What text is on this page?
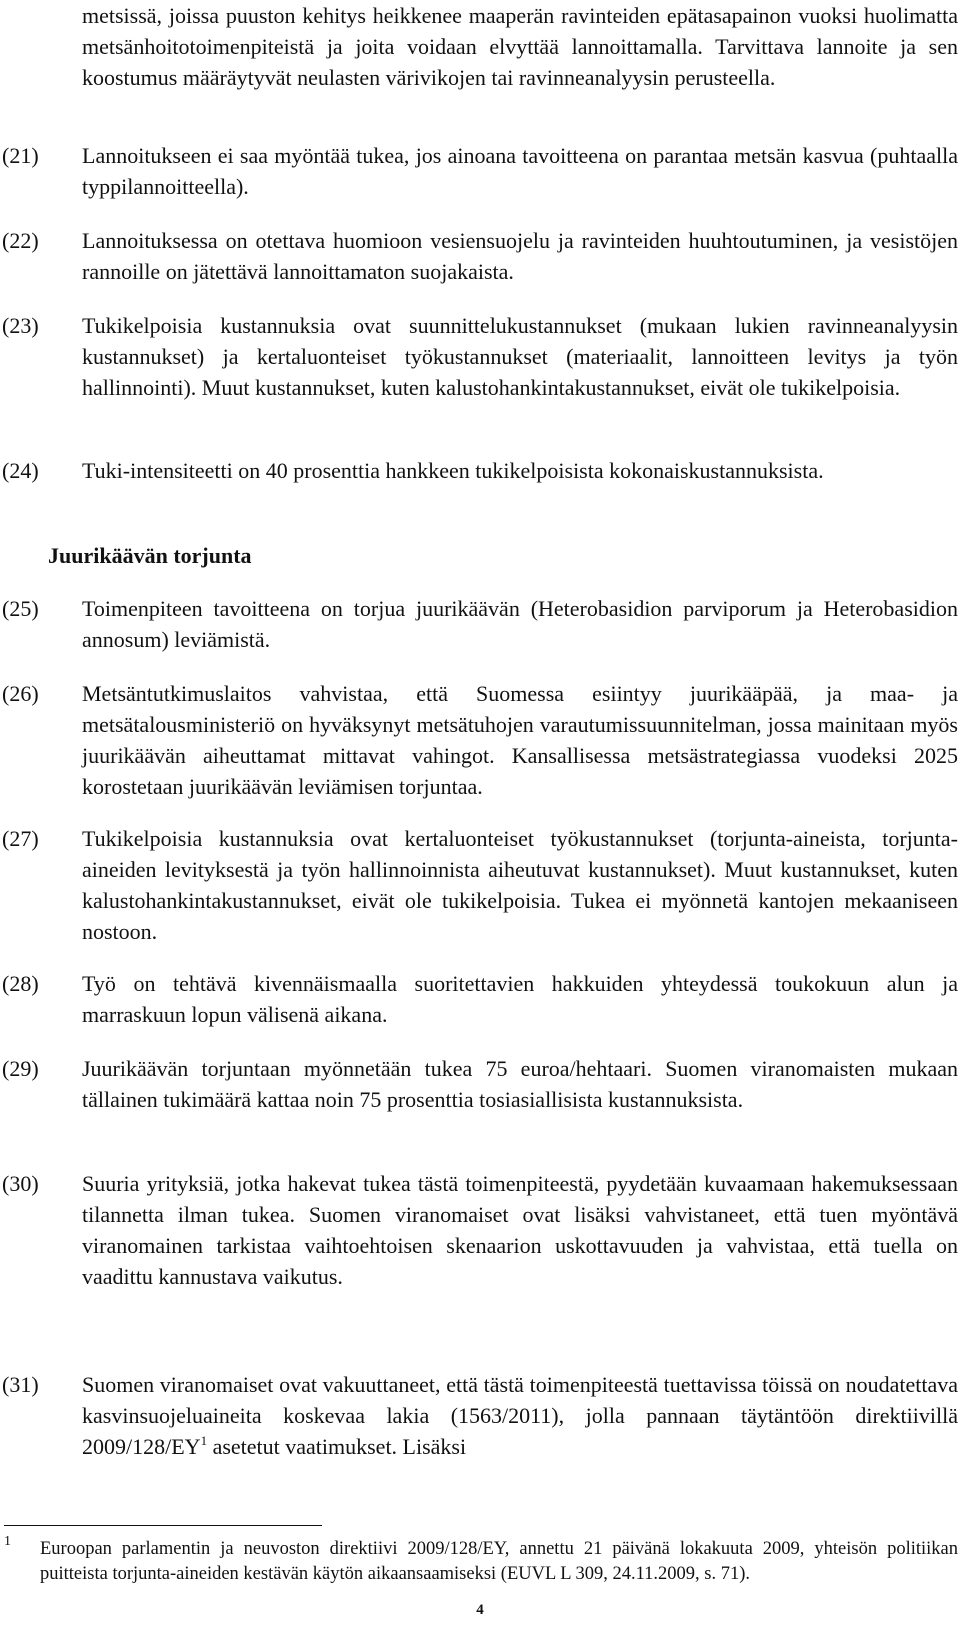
metsissä, joissa puuston kehitys heikkenee maaperän ravinteiden epätasapainon vuoksi huolimatta metsänhoitotoimenpiteistä ja joita voidaan elvyttää lannoittamalla. Tarvittava lannoite ja sen koostumus määräytyvät neulasten värivikojen tai ravinneanalyysin perusteella.

(21) Lannoitukseen ei saa myöntää tukea, jos ainoana tavoitteena on parantaa metsän kasvua (puhtaalla typpilannoitteella).

(22) Lannoituksessa on otettava huomioon vesiensuojelu ja ravinteiden huuhtoutuminen, ja vesistöjen rannoille on jätettävä lannoittamaton suojakaista.

(23) Tukikelpoisia kustannuksia ovat suunnittelukustannukset (mukaan lukien ravinneanalyysin kustannukset) ja kertaluonteiset työkustannukset (materiaalit, lannoitteen levitys ja työn hallinnointi). Muut kustannukset, kuten kalustohankintakustannukset, eivät ole tukikelpoisia.

(24) Tuki-intensiteetti on 40 prosenttia hankkeen tukikelpoisista kokonaiskustannuksista.

Juurikäävän torjunta

(25) Toimenpiteen tavoitteena on torjua juurikäävän (Heterobasidion parviporum ja Heterobasidion annosum) leviämistä.

(26) Metsäntutkimuslaitos vahvistaa, että Suomessa esiintyy juurikääpää, ja maa- ja metsätalousministeriö on hyväksynyt metsätuhojen varautumissuunnitelman, jossa mainitaan myös juurikäävän aiheuttamat mittavat vahingot. Kansallisessa metsästrategiassa vuodeksi 2025 korostetaan juurikäävän leviämisen torjuntaa.

(27) Tukikelpoisia kustannuksia ovat kertaluonteiset työkustannukset (torjunta-aineista, torjunta-aineiden levityksestä ja työn hallinnoinnista aiheutuvat kustannukset). Muut kustannukset, kuten kalustohankintakustannukset, eivät ole tukikelpoisia. Tukea ei myönnetä kantojen mekaaniseen nostoon.

(28) Työ on tehtävä kivennäismaalla suoritettavien hakkuiden yhteydessä toukokuun alun ja marraskuun lopun välisenä aikana.

(29) Juurikäävän torjuntaan myönnetään tukea 75 euroa/hehtaari. Suomen viranomaisten mukaan tällainen tukimäärä kattaa noin 75 prosenttia tosiasiallisista kustannuksista.

(30) Suuria yrityksiä, jotka hakevat tukea tästä toimenpiteestä, pyydetään kuvaamaan hakemuksessaan tilannetta ilman tukea. Suomen viranomaiset ovat lisäksi vahvistaneet, että tuen myöntävä viranomainen tarkistaa vaihtoehtoisen skenaarion uskottavuuden ja vahvistaa, että tuella on vaadittu kannustava vaikutus.

(31) Suomen viranomaiset ovat vakuuttaneet, että tästä toimenpiteestä tuettavissa töissä on noudatettava kasvinsuojeluaineita koskevaa lakia (1563/2011), jolla pannaan täytäntöön direktiivillä $2009/128/EY^1$ asetetut vaatimukset. Lisäksi

1 Euroopan parlamentin ja neuvoston direktiivi 2009/128/EY, annettu 21 päivänä lokakuuta 2009, yhteisön politiikan puitteista torjunta-aineiden kestävän käytön aikaansaamiseksi (EUVL L 309, 24.11.2009, s. 71).

4
